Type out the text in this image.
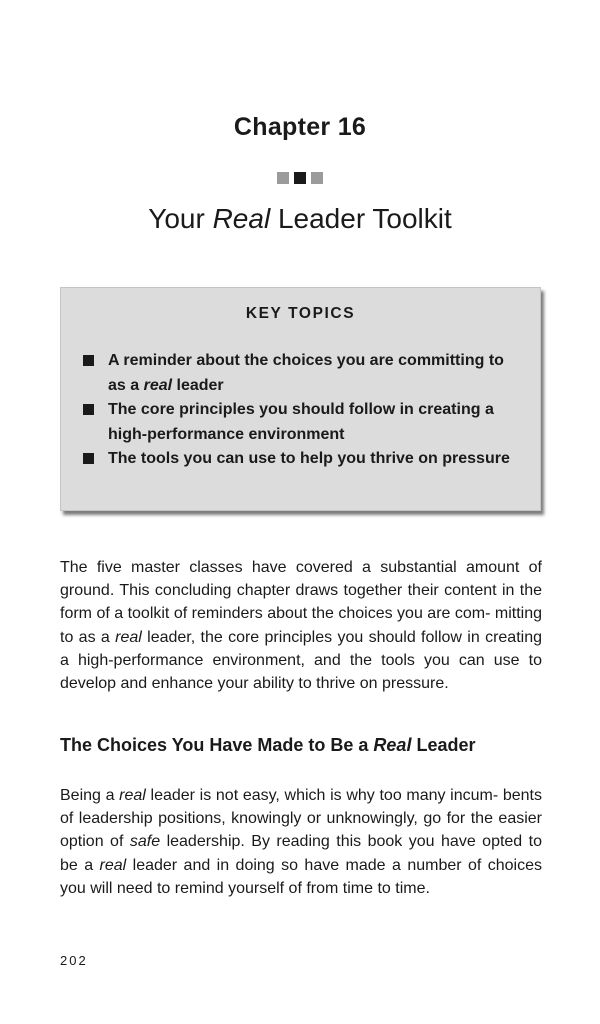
Chapter 16
Your Real Leader Toolkit
KEY TOPICS
A reminder about the choices you are committing to as a real leader
The core principles you should follow in creating a high-performance environment
The tools you can use to help you thrive on pressure

The five master classes have covered a substantial amount of ground. This concluding chapter draws together their content in the form of a toolkit of reminders about the choices you are com- mitting to as a real leader, the core principles you should follow in creating a high-performance environment, and the tools you can use to develop and enhance your ability to thrive on pressure.

The Choices You Have Made to Be a Real Leader

Being a real leader is not easy, which is why too many incum- bents of leadership positions, knowingly or unknowingly, go for the easier option of safe leadership. By reading this book you have opted to be a real leader and in doing so have made a number of choices you will need to remind yourself of from time to time.

202
